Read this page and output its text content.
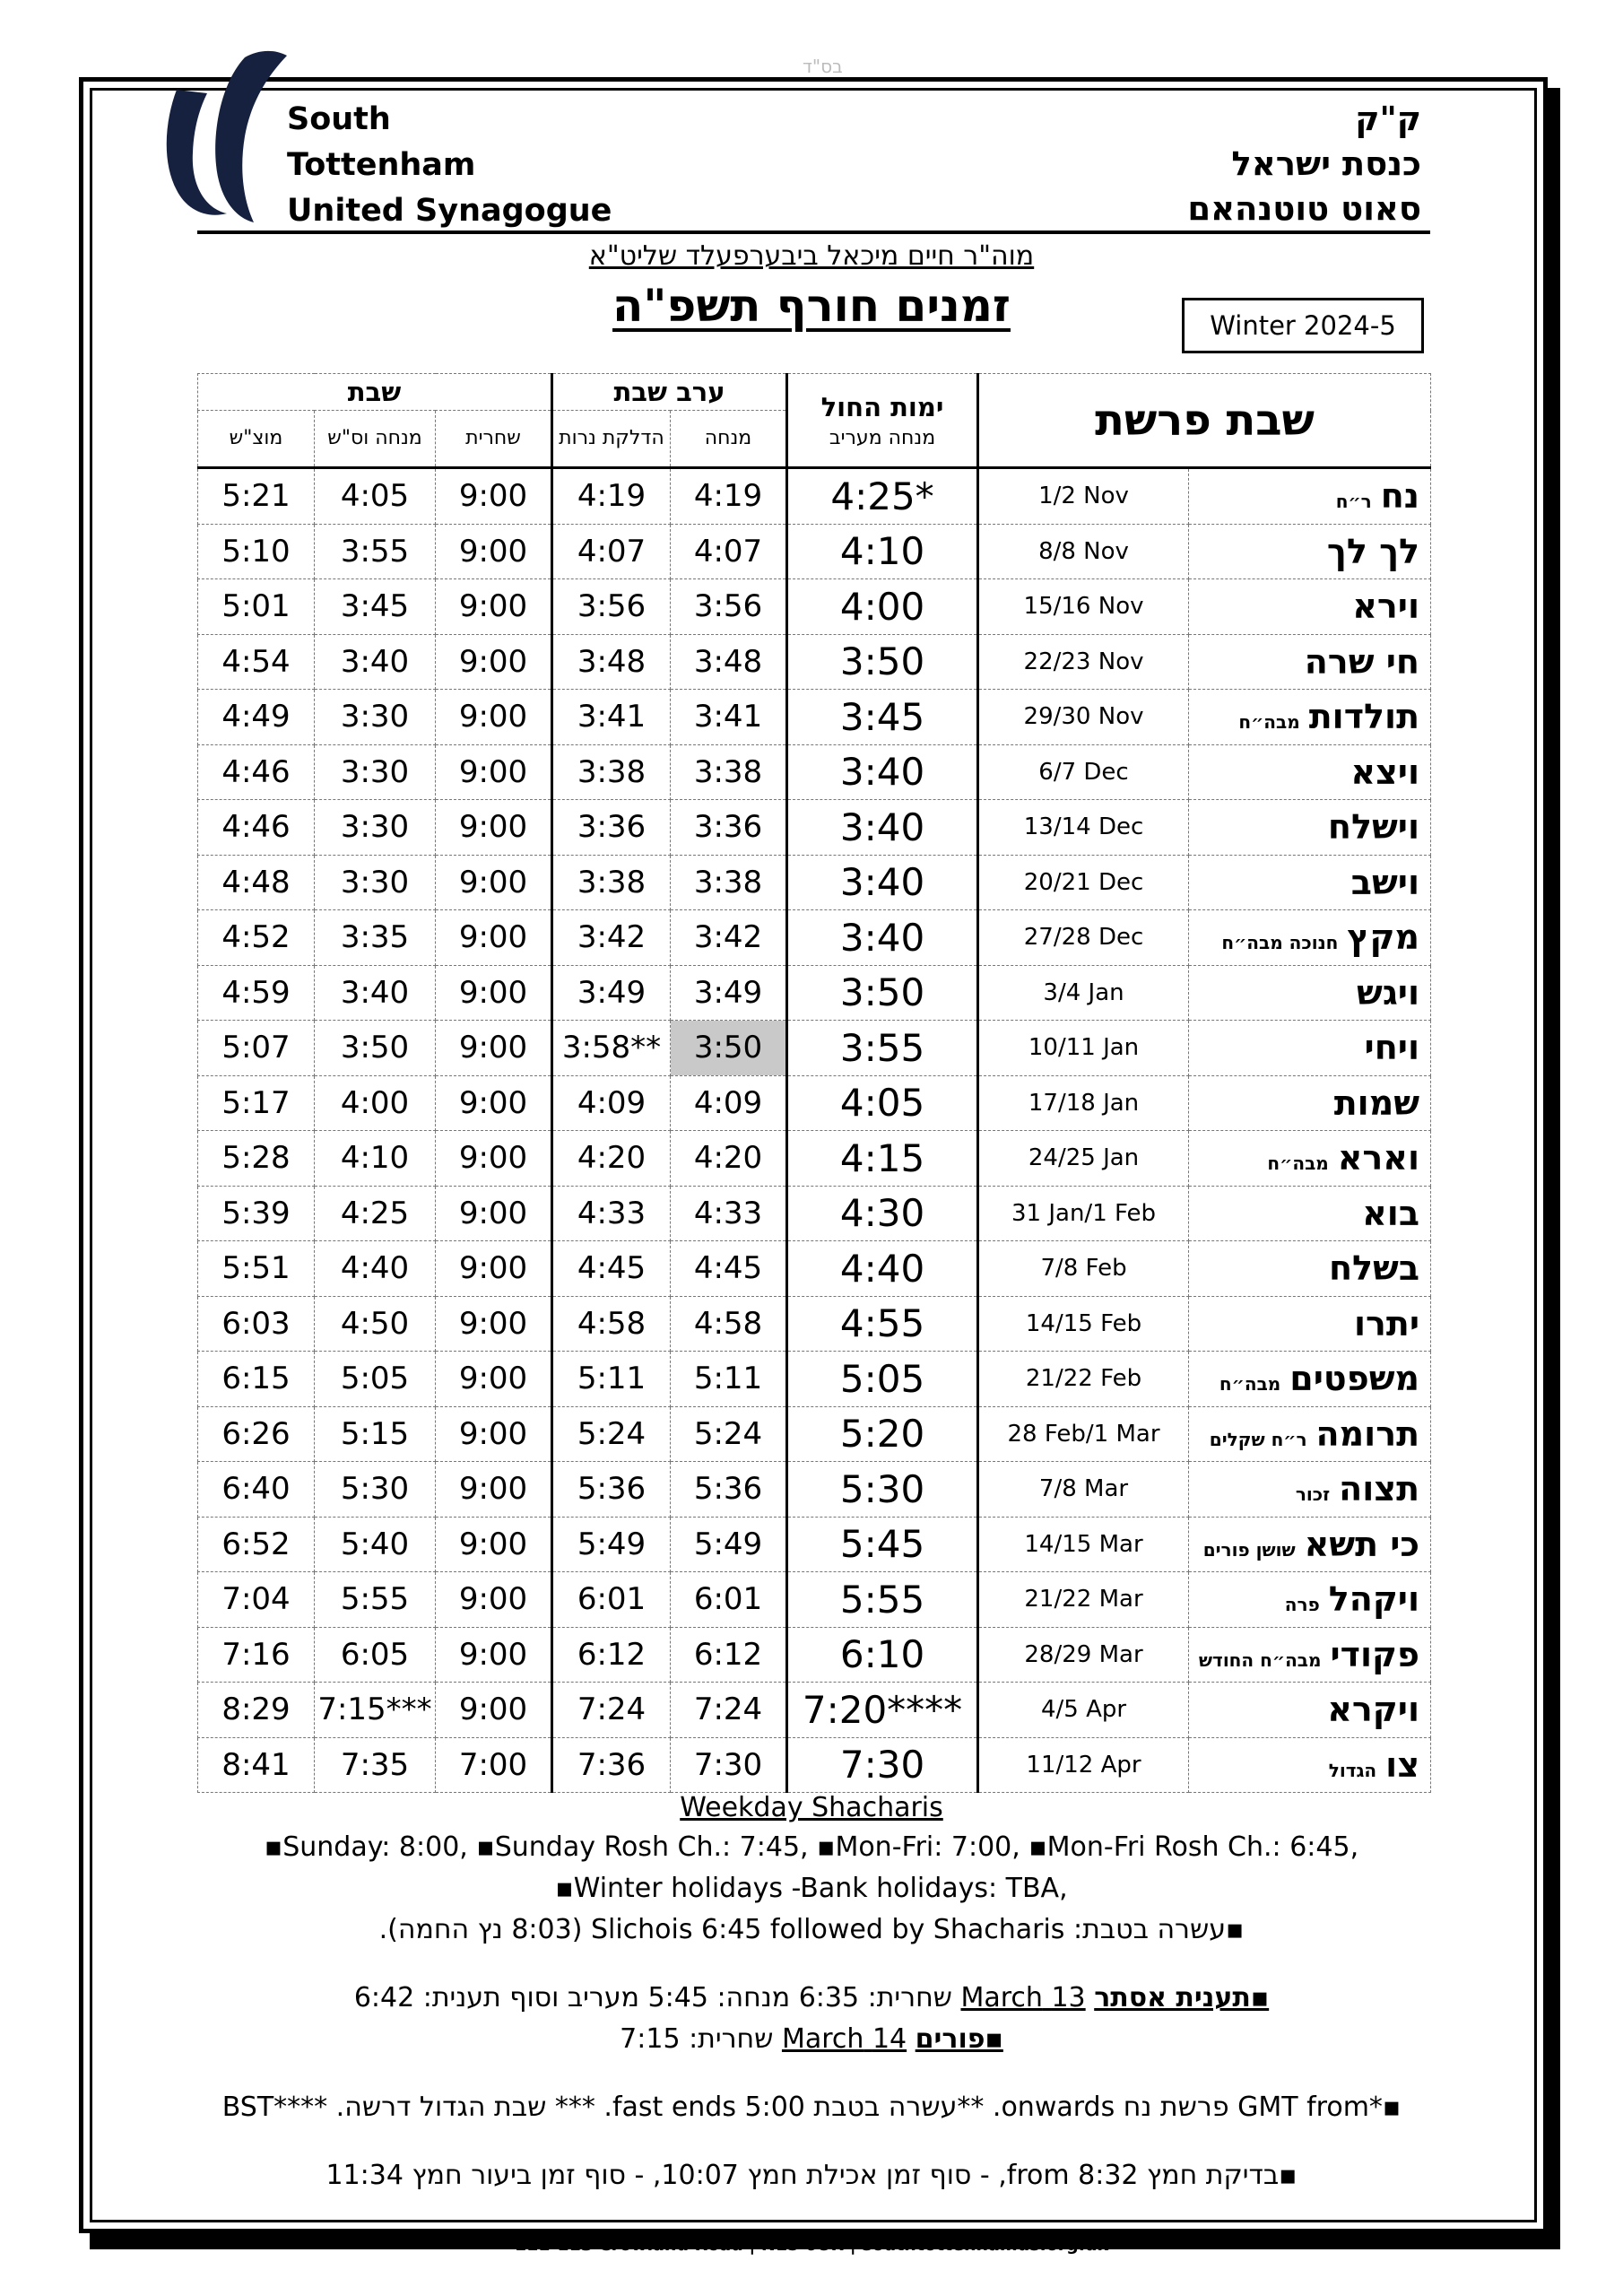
בס"ד
South
Tottenham
United Synagogue
ק"ק
כנסת ישראל
סאוט טוטנהאם
מוה"ר חיים מיכאל ביבערפעלד שליט"א
זמנים חורף תשפ"ה	Winter 2024-5
שבת			ערב שבת		ימות החול
מנחה מעריב	שבת פרשת	
מוצ"ש	מנחה וס"ש	שחרית	הדלקת נרות	מנחה			
5:21	4:05	9:00	4:19	4:19	4:25*	1/2 Nov	נחר״ח
5:10	3:55	9:00	4:07	4:07	4:10	8/8 Nov	לך לך
5:01	3:45	9:00	3:56	3:56	4:00	15/16 Nov	וירא
4:54	3:40	9:00	3:48	3:48	3:50	22/23 Nov	חי שרה
4:49	3:30	9:00	3:41	3:41	3:45	29/30 Nov	תולדותמבה״ח
4:46	3:30	9:00	3:38	3:38	3:40	6/7 Dec	ויצא
4:46	3:30	9:00	3:36	3:36	3:40	13/14 Dec	וישלח
4:48	3:30	9:00	3:38	3:38	3:40	20/21 Dec	וישב
4:52	3:35	9:00	3:42	3:42	3:40	27/28 Dec	מקץחנוכה מבה״ח
4:59	3:40	9:00	3:49	3:49	3:50	3/4 Jan	ויגש
5:07	3:50	9:00	3:58**	3:50	3:55	10/11 Jan	ויחי
5:17	4:00	9:00	4:09	4:09	4:05	17/18 Jan	שמות
5:28	4:10	9:00	4:20	4:20	4:15	24/25 Jan	ואראמבה״ח
5:39	4:25	9:00	4:33	4:33	4:30	31 Jan/1 Feb	בוא
5:51	4:40	9:00	4:45	4:45	4:40	7/8 Feb	בשלח
6:03	4:50	9:00	4:58	4:58	4:55	14/15 Feb	יתרו
6:15	5:05	9:00	5:11	5:11	5:05	21/22 Feb	משפטיםמבה״ח
6:26	5:15	9:00	5:24	5:24	5:20	28 Feb/1 Mar	תרומהר״ח שקלים
6:40	5:30	9:00	5:36	5:36	5:30	7/8 Mar	תצוהזכור
6:52	5:40	9:00	5:49	5:49	5:45	14/15 Mar	כי תשאשושן פורים
7:04	5:55	9:00	6:01	6:01	5:55	21/22 Mar	ויקהלפרה
7:16	6:05	9:00	6:12	6:12	6:10	28/29 Mar	פקודימבה״ח החודש
8:29	7:15***	9:00	7:24	7:24	7:20****	4/5 Apr	ויקרא
8:41	7:35	7:00	7:36	7:30	7:30	11/12 Apr	צוהגדול
Weekday Shacharis
▪Sunday: 8:00, ▪Sunday Rosh Ch.: 7:45, ▪Mon-Fri: 7:00, ▪Mon-Fri Rosh Ch.: 6:45,
▪Winter holidays -Bank holidays: TBA,
▪עשרה בטבת: Slichois 6:45 followed by Shacharis (8:03 נץ החמה).
▪תענית אסתר 13 March שחרית: 6:35 מנחה: 5:45 מעריב וסוף תענית: 6:42
▪פורים 14 March שחרית: 7:15
▪*GMT from פרשת נח onwards. **עשרה בטבת fast ends 5:00. *** שבת הגדול דרשה. ****BST
▪בדיקת חמץ from 8:32, - סוף זמן אכילת חמץ 10:07, - סוף זמן ביעור חמץ 11:34
111-113 Crowland Road | N15 6UR | southtottenhamus.org.uk
